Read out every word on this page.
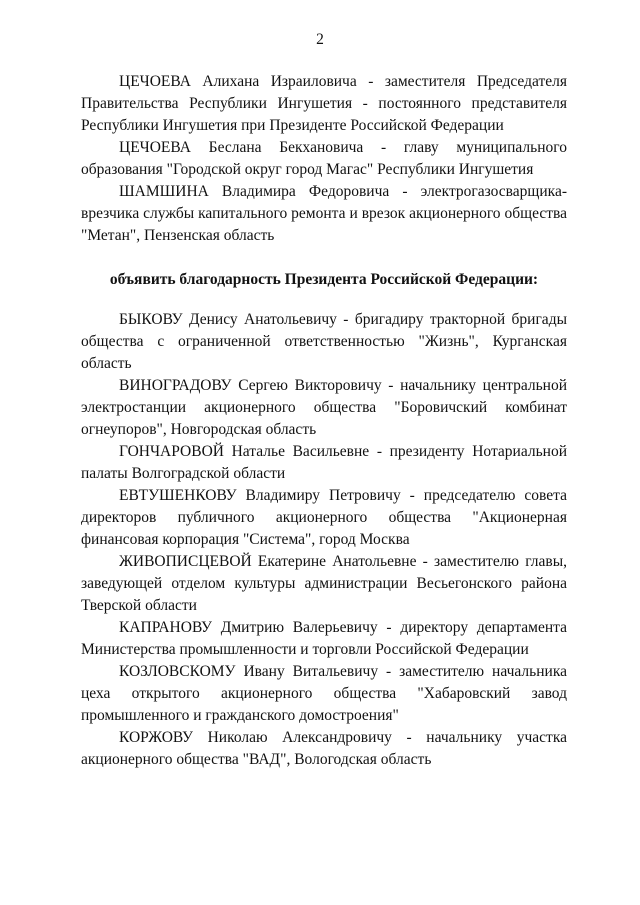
2

ЦЕЧОЕВА Алихана Израиловича - заместителя Председателя Правительства Республики Ингушетия - постоянного представителя Республики Ингушетия при Президенте Российской Федерации

ЦЕЧОЕВА Беслана Бекхановича - главу муниципального образования "Городской округ город Магас" Республики Ингушетия

ШАМШИНА Владимира Федоровича - электрогазосварщика-врезчика службы капитального ремонта и врезок акционерного общества "Метан", Пензенская область

объявить благодарность Президента Российской Федерации:

БЫКОВУ Денису Анатольевичу - бригадиру тракторной бригады общества с ограниченной ответственностью "Жизнь", Курганская область

ВИНОГРАДОВУ Сергею Викторовичу - начальнику центральной электростанции акционерного общества "Боровичский комбинат огнеупоров", Новгородская область

ГОНЧАРОВОЙ Наталье Васильевне - президенту Нотариальной палаты Волгоградской области

ЕВТУШЕНКОВУ Владимиру Петровичу - председателю совета директоров публичного акционерного общества "Акционерная финансовая корпорация "Система", город Москва

ЖИВОПИСЦЕВОЙ Екатерине Анатольевне - заместителю главы, заведующей отделом культуры администрации Весьегонского района Тверской области

КАПРАНОВУ Дмитрию Валерьевичу - директору департамента Министерства промышленности и торговли Российской Федерации

КОЗЛОВСКОМУ Ивану Витальевичу - заместителю начальника цеха открытого акционерного общества "Хабаровский завод промышленного и гражданского домостроения"

КОРЖОВУ Николаю Александровичу - начальнику участка акционерного общества "ВАД", Вологодская область
